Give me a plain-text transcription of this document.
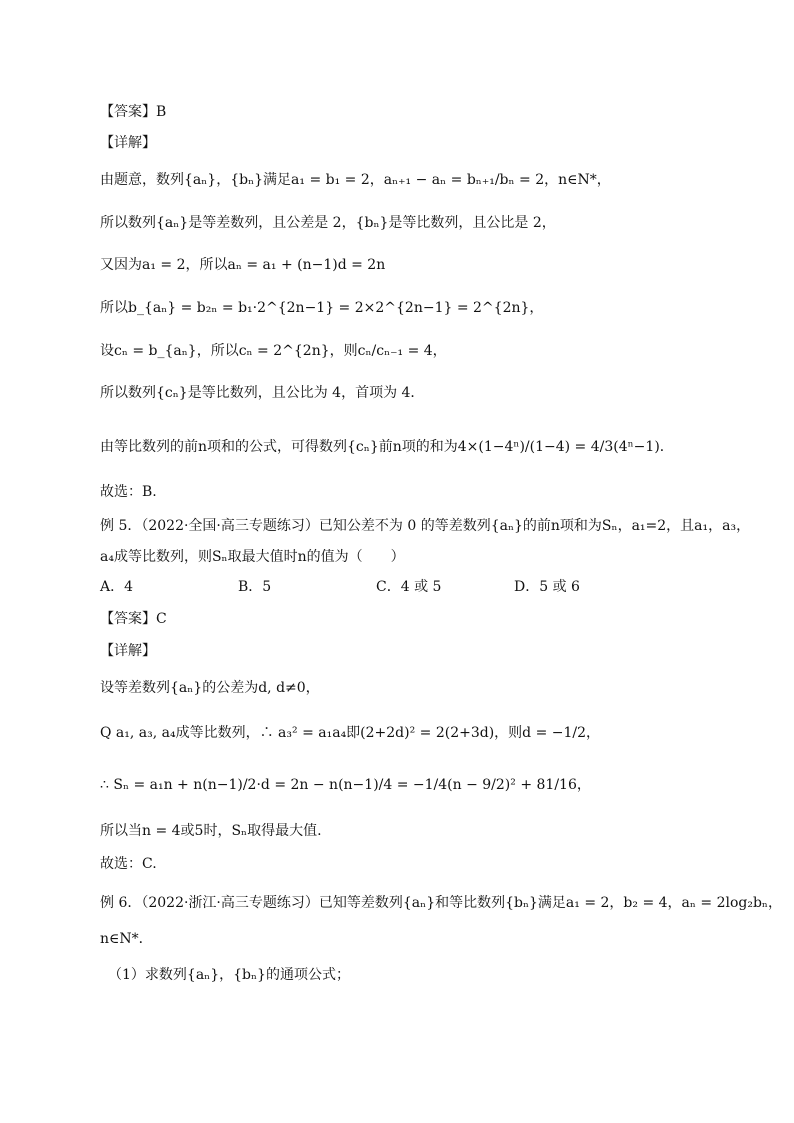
【答案】B
【详解】
由题意，数列{aₙ}，{bₙ}满足a₁ = b₁ = 2，aₙ₊₁ − aₙ = bₙ₊₁/bₙ = 2，n∈N*，
所以数列{aₙ}是等差数列，且公差是 2，{bₙ}是等比数列，且公比是 2，
又因为a₁ = 2，所以aₙ = a₁ + (n−1)d = 2n
所以b_{aₙ} = b₂ₙ = b₁·2^{2n−1} = 2×2^{2n−1} = 2^{2n}，
设cₙ = b_{aₙ}，所以cₙ = 2^{2n}，则cₙ/cₙ₋₁ = 4，
所以数列{cₙ}是等比数列，且公比为 4，首项为 4．
由等比数列的前n项和的公式，可得数列{cₙ}前n项的和为4×(1−4ⁿ)/(1−4) = 4/3(4ⁿ−1)．
故选：B.
例 5．（2022·全国·高三专题练习）已知公差不为 0 的等差数列{aₙ}的前n项和为Sₙ，a₁=2，且a₁，a₃，
a₄成等比数列，则Sₙ取最大值时n的值为（　　）
A．4	B．5	C．4 或 5	D．5 或 6
【答案】C
【详解】
设等差数列{aₙ}的公差为d, d≠0，
Q a₁, a₃, a₄成等比数列，∴ a₃² = a₁a₄即(2+2d)² = 2(2+3d)，则d = −1/2，
∴ Sₙ = a₁n + n(n−1)/2·d = 2n − n(n−1)/4 = −1/4(n − 9/2)² + 81/16，
所以当n = 4或5时，Sₙ取得最大值.
故选：C.
例 6．（2022·浙江·高三专题练习）已知等差数列{aₙ}和等比数列{bₙ}满足a₁ = 2，b₂ = 4，aₙ = 2log₂bₙ，
n∈N*．
（1）求数列{aₙ}，{bₙ}的通项公式；
